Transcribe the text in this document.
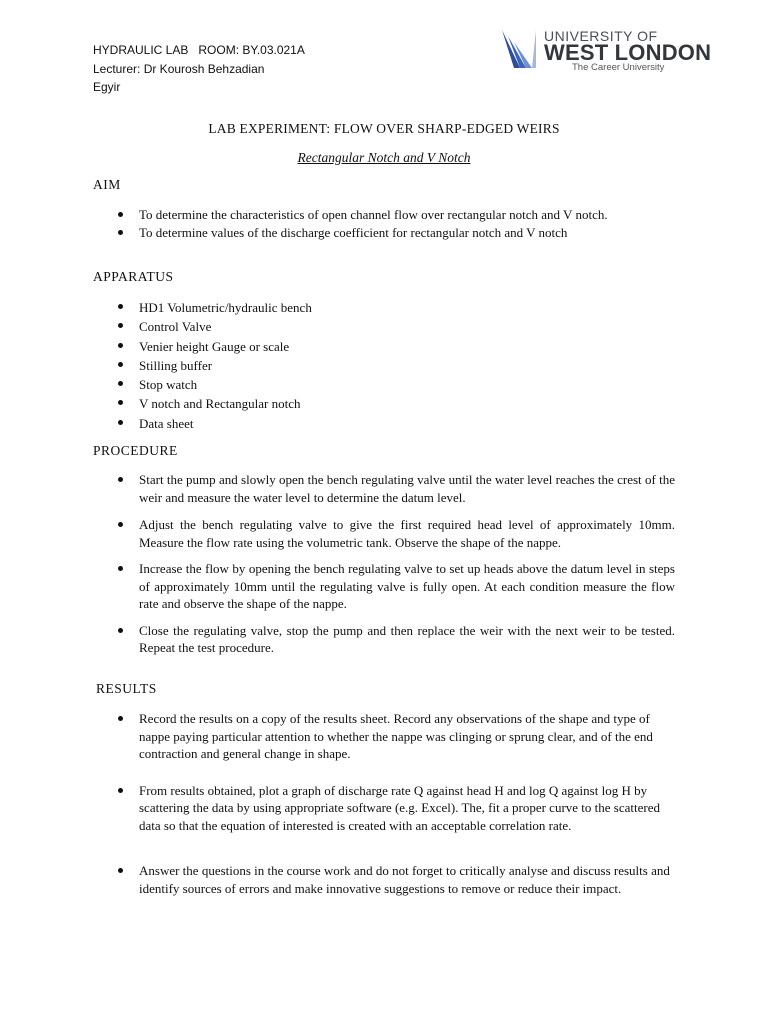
HYDRAULIC LAB   ROOM: BY.03.021A
Lecturer: Dr Kourosh Behzadian
Egyir
UNIVERSITY OF
WEST LONDON
The Career University
LAB EXPERIMENT: FLOW OVER SHARP-EDGED WEIRS
Rectangular Notch and V Notch
AIM
To determine the characteristics of open channel flow over rectangular notch and V notch.
To determine values of the discharge coefficient for rectangular notch and V notch
APPARATUS
HD1 Volumetric/hydraulic bench
Control Valve
Venier height Gauge or scale
Stilling buffer
Stop watch
V notch and Rectangular notch
Data sheet
PROCEDURE
Start the pump and slowly open the bench regulating valve until the water level reaches the crest of the weir and measure the water level to determine the datum level.
Adjust the bench regulating valve to give the first required head level of approximately 10mm. Measure the flow rate using the volumetric tank. Observe the shape of the nappe.
Increase the flow by opening the bench regulating valve to set up heads above the datum level in steps of approximately 10mm until the regulating valve is fully open. At each condition measure the flow rate and observe the shape of the nappe.
Close the regulating valve, stop the pump and then replace the weir with the next weir to be tested. Repeat the test procedure.
RESULTS
Record the results on a copy of the results sheet. Record any observations of the shape and type of nappe paying particular attention to whether the nappe was clinging or sprung clear, and of the end contraction and general change in shape.
From results obtained, plot a graph of discharge rate Q against head H and log Q against log H by scattering the data by using appropriate software (e.g. Excel). The, fit a proper curve to the scattered data so that the equation of interested is created with an acceptable correlation rate.
Answer the questions in the course work and do not forget to critically analyse and discuss results and identify sources of errors and make innovative suggestions to remove or reduce their impact.
